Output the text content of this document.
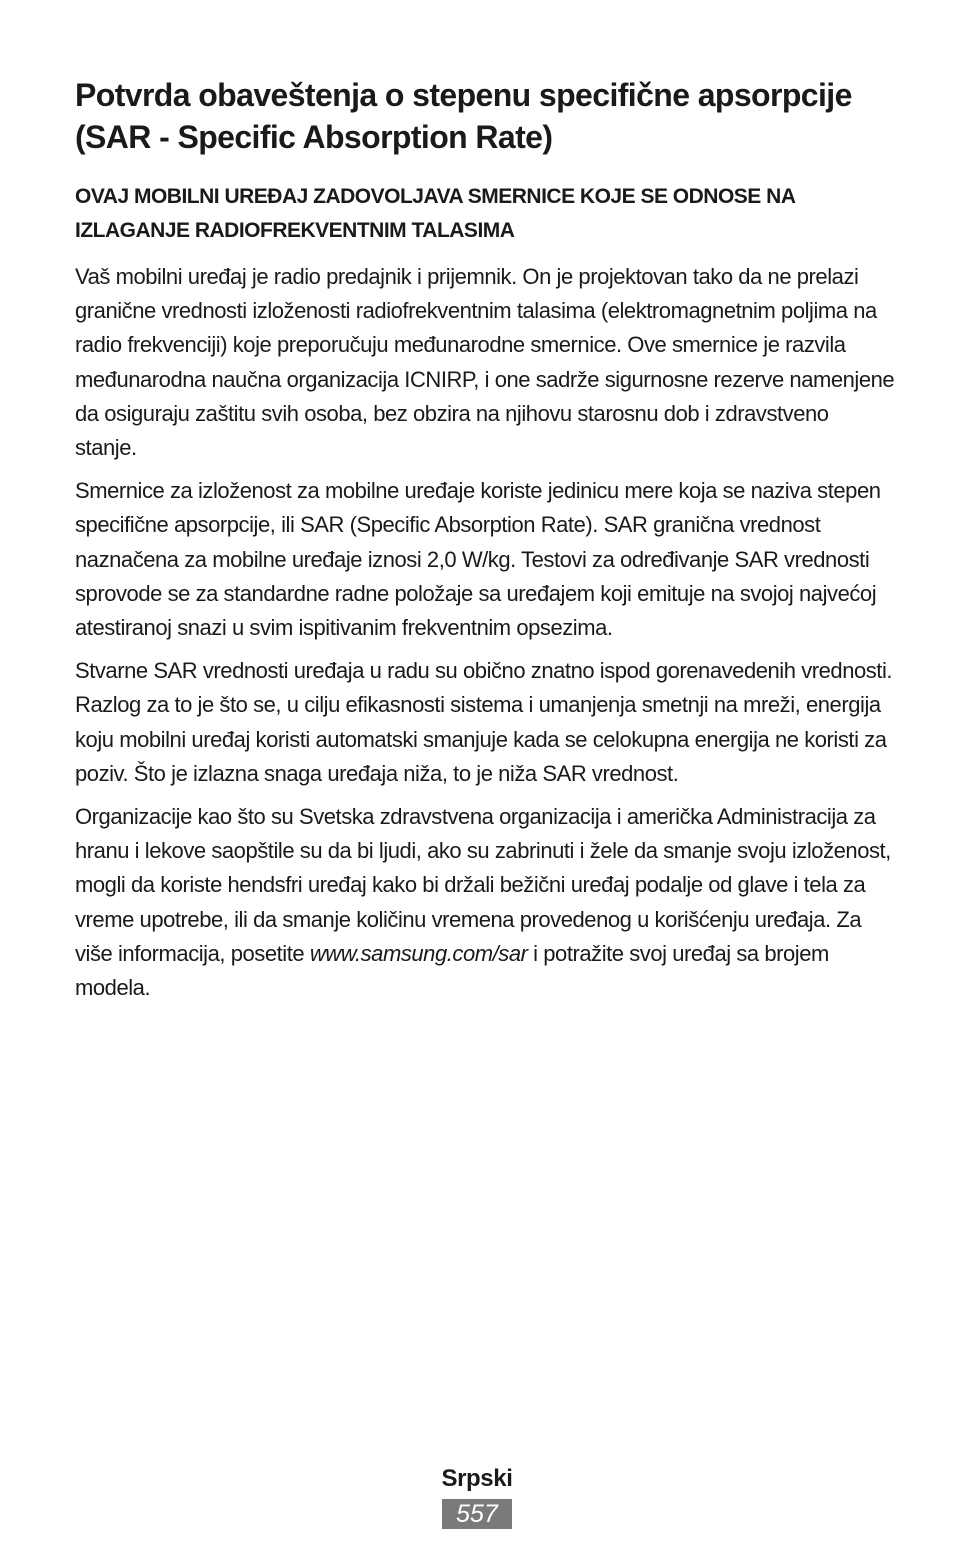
Potvrda obaveštenja o stepenu specifične apsorpcije (SAR - Specific Absorption Rate)
OVAJ MOBILNI UREĐAJ ZADOVOLJAVA SMERNICE KOJE SE ODNOSE NA IZLAGANJE RADIOFREKVENTNIM TALASIMA

Vaš mobilni uređaj je radio predajnik i prijemnik. On je projektovan tako da ne prelazi granične vrednosti izloženosti radiofrekventnim talasima (elektromagnetnim poljima na radio frekvenciji) koje preporučuju međunarodne smernice. Ove smernice je razvila međunarodna naučna organizacija ICNIRP, i one sadrže sigurnosne rezerve namenjene da osiguraju zaštitu svih osoba, bez obzira na njihovu starosnu dob i zdravstveno stanje.

Smernice za izloženost za mobilne uređaje koriste jedinicu mere koja se naziva stepen specifične apsorpcije, ili SAR (Specific Absorption Rate). SAR granična vrednost naznačena za mobilne uređaje iznosi 2,0 W/kg. Testovi za određivanje SAR vrednosti sprovode se za standardne radne položaje sa uređajem koji emituje na svojoj najvećoj atestiranoj snazi u svim ispitivanim frekventnim opsezima.

Stvarne SAR vrednosti uređaja u radu su obično znatno ispod gorenavedenih vrednosti. Razlog za to je što se, u cilju efikasnosti sistema i umanjenja smetnji na mreži, energija koju mobilni uređaj koristi automatski smanjuje kada se celokupna energija ne koristi za poziv. Što je izlazna snaga uređaja niža, to je niža SAR vrednost.

Organizacije kao što su Svetska zdravstvena organizacija i američka Administracija za hranu i lekove saopštile su da bi ljudi, ako su zabrinuti i žele da smanje svoju izloženost, mogli da koriste hendsfri uređaj kako bi držali bežični uređaj podalje od glave i tela za vreme upotrebe, ili da smanje količinu vremena provedenog u korišćenju uređaja. Za više informacija, posetite www.samsung.com/sar i potražite svoj uređaj sa brojem modela.

Srpski
557
